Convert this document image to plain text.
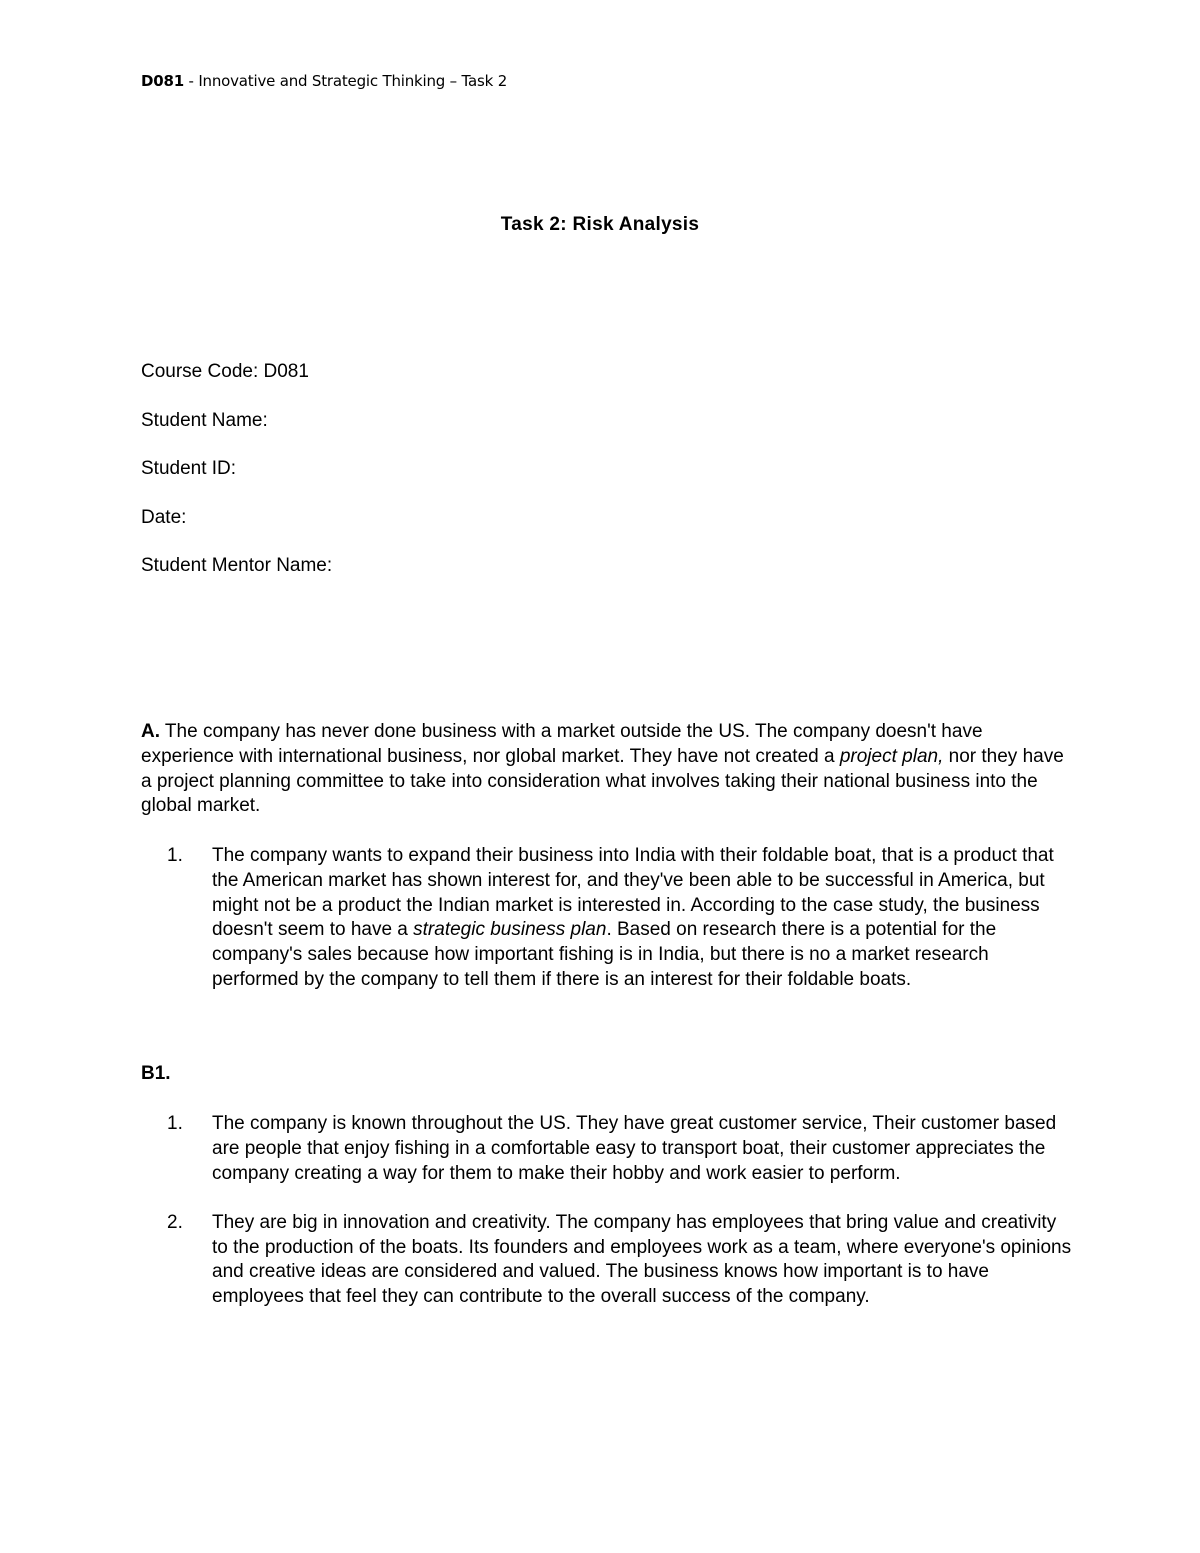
D081 - Innovative and Strategic Thinking – Task 2
Task 2: Risk Analysis
Course Code: D081
Student Name:
Student ID:
Date:
Student Mentor Name:
A. The company has never done business with a market outside the US. The company doesn't have experience with international business, nor global market. They have not created a project plan, nor they have a project planning committee to take into consideration what involves taking their national business into the global market.
1. The company wants to expand their business into India with their foldable boat, that is a product that the American market has shown interest for, and they've been able to be successful in America, but might not be a product the Indian market is interested in. According to the case study, the business doesn't seem to have a strategic business plan. Based on research there is a potential for the company's sales because how important fishing is in India, but there is no a market research performed by the company to tell them if there is an interest for their foldable boats.
B1.
1. The company is known throughout the US. They have great customer service, Their customer based are people that enjoy fishing in a comfortable easy to transport boat, their customer appreciates the company creating a way for them to make their hobby and work easier to perform.
2. They are big in innovation and creativity. The company has employees that bring value and creativity to the production of the boats. Its founders and employees work as a team, where everyone's opinions and creative ideas are considered and valued. The business knows how important is to have employees that feel they can contribute to the overall success of the company.
